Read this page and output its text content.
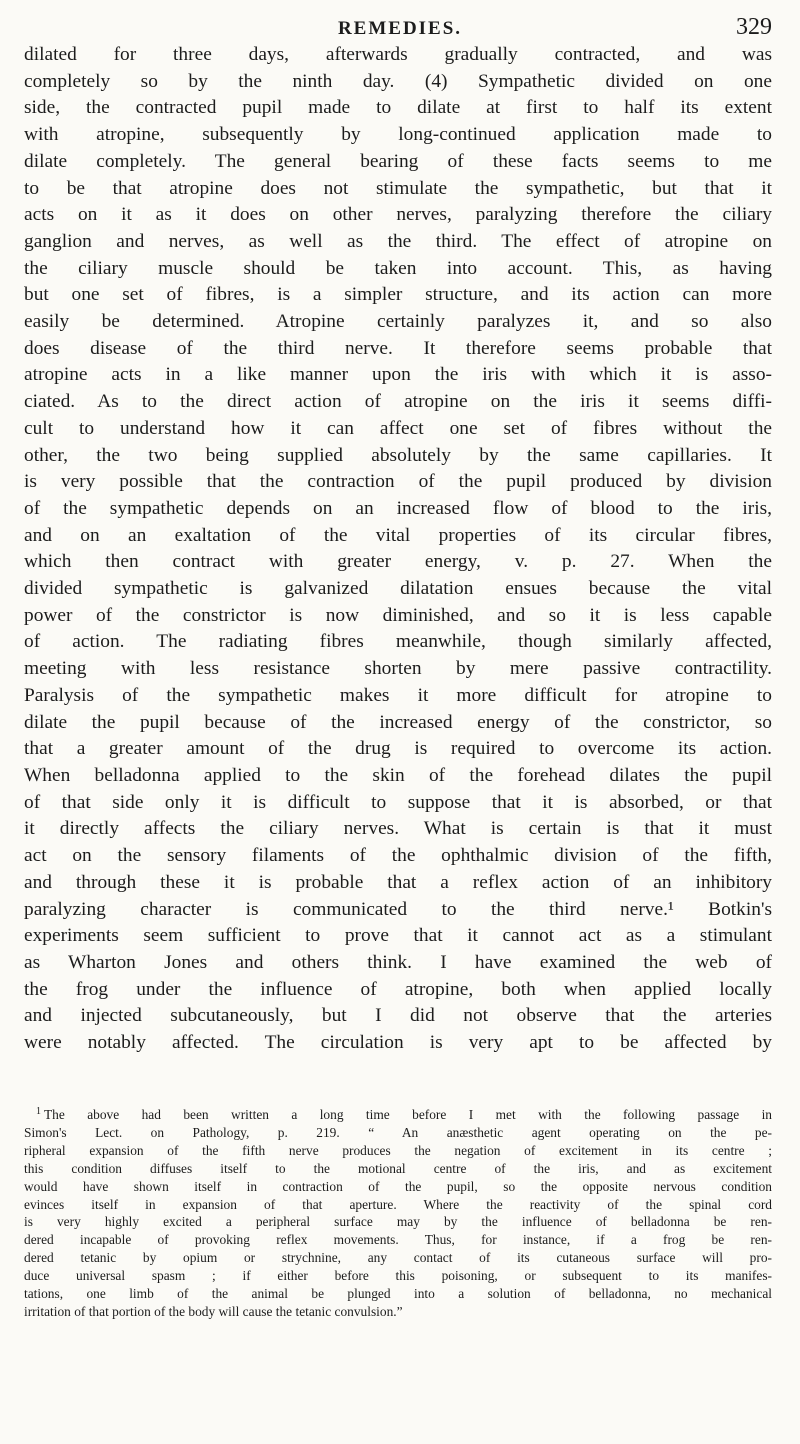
REMEDIES.	329
dilated for three days, afterwards gradually contracted, and was
completely so by the ninth day. (4) Sympathetic divided on one
side, the contracted pupil made to dilate at first to half its extent
with atropine, subsequently by long-continued application made to
dilate completely. The general bearing of these facts seems to me
to be that atropine does not stimulate the sympathetic, but that it
acts on it as it does on other nerves, paralyzing therefore the ciliary
ganglion and nerves, as well as the third. The effect of atropine on
the ciliary muscle should be taken into account. This, as having
but one set of fibres, is a simpler structure, and its action can more
easily be determined. Atropine certainly paralyzes it, and so also
does disease of the third nerve. It therefore seems probable that
atropine acts in a like manner upon the iris with which it is asso-
ciated. As to the direct action of atropine on the iris it seems diffi-
cult to understand how it can affect one set of fibres without the
other, the two being supplied absolutely by the same capillaries. It
is very possible that the contraction of the pupil produced by division
of the sympathetic depends on an increased flow of blood to the iris,
and on an exaltation of the vital properties of its circular fibres,
which then contract with greater energy, v. p. 27. When the
divided sympathetic is galvanized dilatation ensues because the vital
power of the constrictor is now diminished, and so it is less capable
of action. The radiating fibres meanwhile, though similarly affected,
meeting with less resistance shorten by mere passive contractility.
Paralysis of the sympathetic makes it more difficult for atropine to
dilate the pupil because of the increased energy of the constrictor, so
that a greater amount of the drug is required to overcome its action.
When belladonna applied to the skin of the forehead dilates the pupil
of that side only it is difficult to suppose that it is absorbed, or that
it directly affects the ciliary nerves. What is certain is that it must
act on the sensory filaments of the ophthalmic division of the fifth,
and through these it is probable that a reflex action of an inhibitory
paralyzing character is communicated to the third nerve.¹ Botkin's
experiments seem sufficient to prove that it cannot act as a stimulant
as Wharton Jones and others think. I have examined the web of
the frog under the influence of atropine, both when applied locally
and injected subcutaneously, but I did not observe that the arteries
were notably affected. The circulation is very apt to be affected by
$^1$ The above had been written a long time before I met with the following passage in
Simon's Lect. on Pathology, p. 219. “ An anæsthetic agent operating on the pe-
ripheral expansion of the fifth nerve produces the negation of excitement in its centre ;
this condition diffuses itself to the motional centre of the iris, and as excitement
would have shown itself in contraction of the pupil, so the opposite nervous condition
evinces itself in expansion of that aperture. Where the reactivity of the spinal cord
is very highly excited a peripheral surface may by the influence of belladonna be ren-
dered incapable of provoking reflex movements. Thus, for instance, if a frog be ren-
dered tetanic by opium or strychnine, any contact of its cutaneous surface will pro-
duce universal spasm ; if either before this poisoning, or subsequent to its manifes-
tations, one limb of the animal be plunged into a solution of belladonna, no mechanical
irritation of that portion of the body will cause the tetanic convulsion.”
